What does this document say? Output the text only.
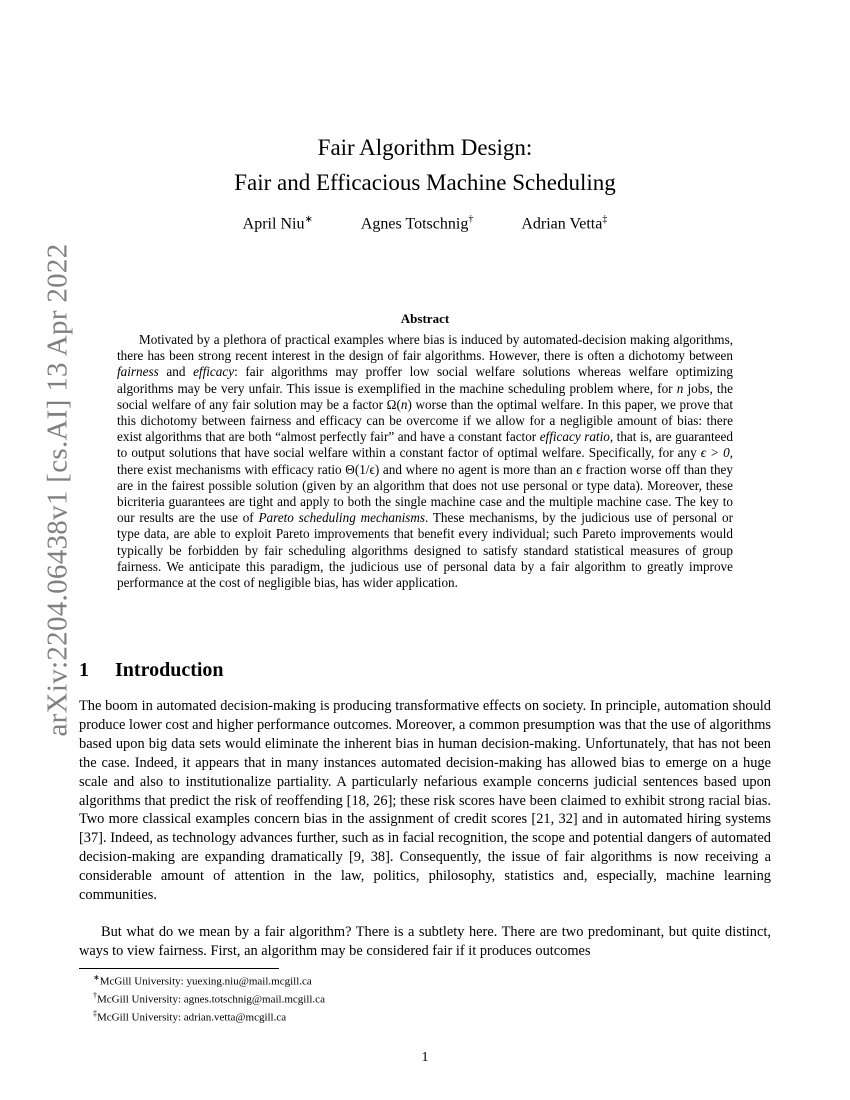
arXiv:2204.06438v1 [cs.AI] 13 Apr 2022
Fair Algorithm Design:
Fair and Efficacious Machine Scheduling
April Niu∗	Agnes Totschnig†	Adrian Vetta‡
Abstract

Motivated by a plethora of practical examples where bias is induced by automated-decision making algorithms, there has been strong recent interest in the design of fair algorithms. However, there is often a dichotomy between fairness and efficacy: fair algorithms may proffer low social welfare solutions whereas welfare optimizing algorithms may be very unfair. This issue is exemplified in the machine scheduling problem where, for n jobs, the social welfare of any fair solution may be a factor Ω(n) worse than the optimal welfare. In this paper, we prove that this dichotomy between fairness and efficacy can be overcome if we allow for a negligible amount of bias: there exist algorithms that are both “almost perfectly fair” and have a constant factor efficacy ratio, that is, are guaranteed to output solutions that have social welfare within a constant factor of optimal welfare. Specifically, for any ϵ > 0, there exist mechanisms with efficacy ratio Θ(1/ϵ) and where no agent is more than an ϵ fraction worse off than they are in the fairest possible solution (given by an algorithm that does not use personal or type data). Moreover, these bicriteria guarantees are tight and apply to both the single machine case and the multiple machine case. The key to our results are the use of Pareto scheduling mechanisms. These mechanisms, by the judicious use of personal or type data, are able to exploit Pareto improvements that benefit every individual; such Pareto improvements would typically be forbidden by fair scheduling algorithms designed to satisfy standard statistical measures of group fairness. We anticipate this paradigm, the judicious use of personal data by a fair algorithm to greatly improve performance at the cost of negligible bias, has wider application.

1 Introduction

The boom in automated decision-making is producing transformative effects on society. In principle, automation should produce lower cost and higher performance outcomes. Moreover, a common presumption was that the use of algorithms based upon big data sets would eliminate the inherent bias in human decision-making. Unfortunately, that has not been the case. Indeed, it appears that in many instances automated decision-making has allowed bias to emerge on a huge scale and also to institutionalize partiality. A particularly nefarious example concerns judicial sentences based upon algorithms that predict the risk of reoffending [18, 26]; these risk scores have been claimed to exhibit strong racial bias. Two more classical examples concern bias in the assignment of credit scores [21, 32] and in automated hiring systems [37]. Indeed, as technology advances further, such as in facial recognition, the scope and potential dangers of automated decision-making are expanding dramatically [9, 38]. Consequently, the issue of fair algorithms is now receiving a considerable amount of attention in the law, politics, philosophy, statistics and, especially, machine learning communities.

But what do we mean by a fair algorithm? There is a subtlety here. There are two predominant, but quite distinct, ways to view fairness. First, an algorithm may be considered fair if it produces outcomes

∗McGill University: yuexing.niu@mail.mcgill.ca
†McGill University: agnes.totschnig@mail.mcgill.ca
‡McGill University: adrian.vetta@mcgill.ca
1
